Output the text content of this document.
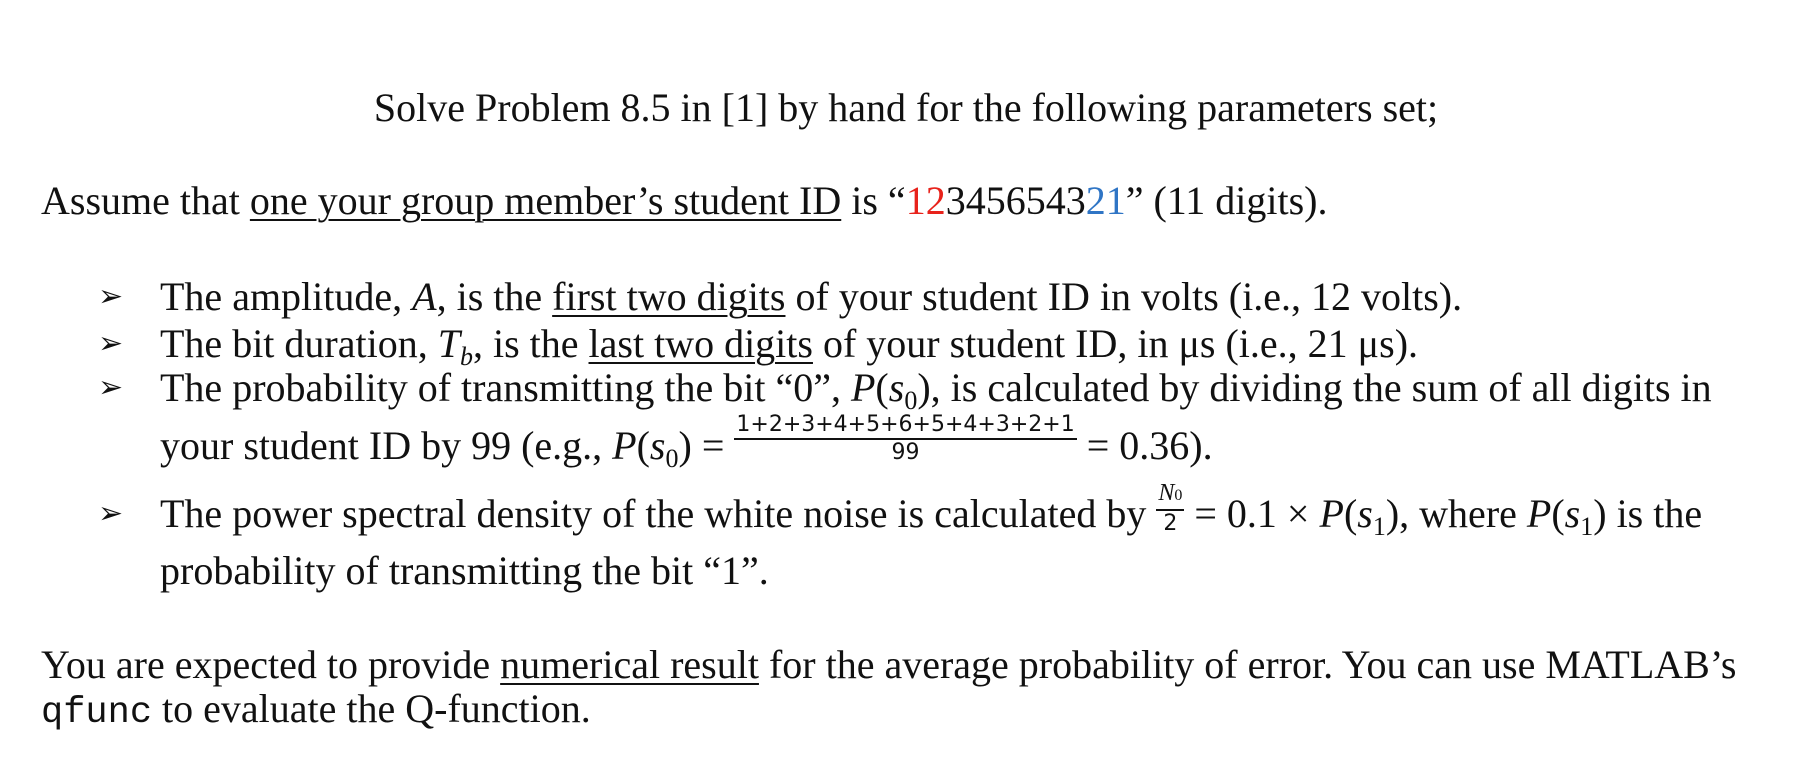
Solve Problem 8.5 in [1] by hand for the following parameters set;
Assume that one your group member’s student ID is “12345654321” (11 digits).
➢ The amplitude, A, is the first two digits of your student ID in volts (i.e., 12 volts).
➢ The bit duration, $T_b$, is the last two digits of your student ID, in μs (i.e., 21 μs).
➢ The probability of transmitting the bit “0”, $P(s_0)$, is calculated by dividing the sum of all digits in
your student ID by 99 (e.g., $P(s_0) = \frac{1+2+3+4+5+6+5+4+3+2+1}{99} = 0.36$).
➢ The power spectral density of the white noise is calculated by $\frac{N0}{2} = 0.1 \times P(s_1)$, where $P(s_1)$ is the
probability of transmitting the bit “1”.
You are expected to provide numerical result for the average probability of error. You can use MATLAB’s
qfunc to evaluate the Q-function.
